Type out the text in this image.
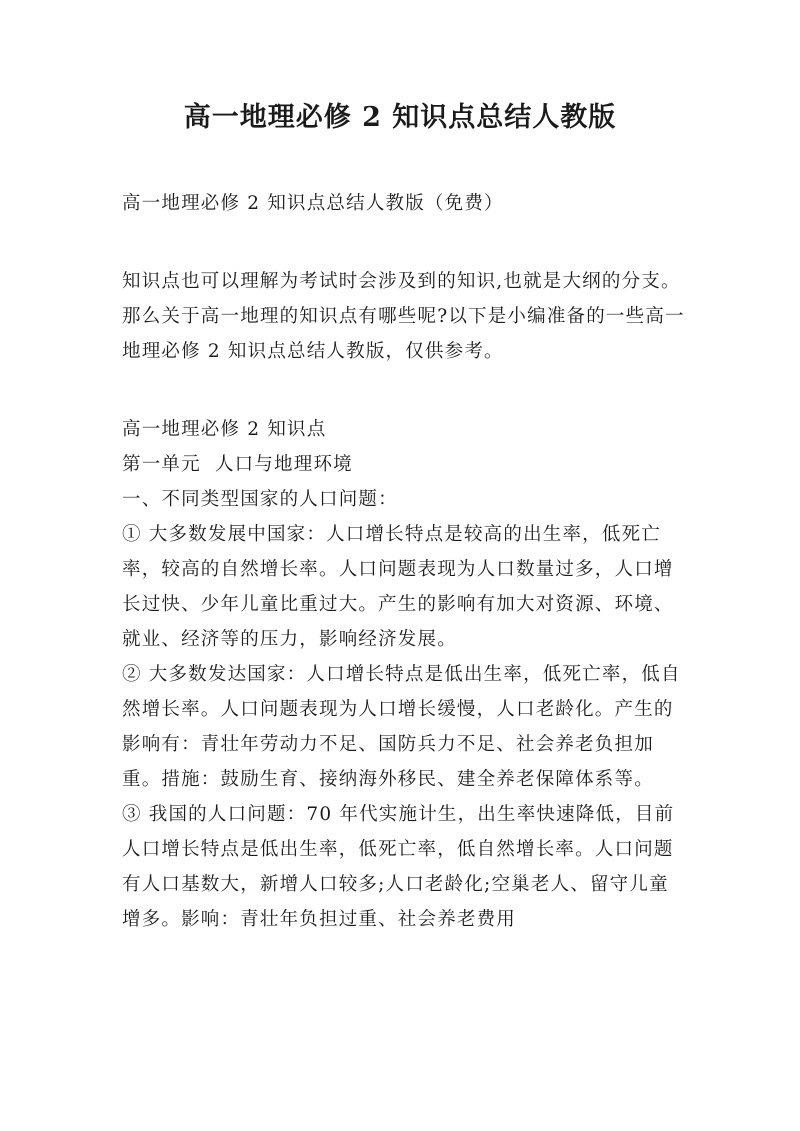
高一地理必修 2 知识点总结人教版

高一地理必修 2 知识点总结人教版（免费）

知识点也可以理解为考试时会涉及到的知识,也就是大纲的分支。那么关于高一地理的知识点有哪些呢?以下是小编准备的一些高一地理必修 2 知识点总结人教版，仅供参考。

高一地理必修 2 知识点

第一单元  人口与地理环境

一、不同类型国家的人口问题：

① 大多数发展中国家：人口增长特点是较高的出生率，低死亡率，较高的自然增长率。人口问题表现为人口数量过多，人口增长过快、少年儿童比重过大。产生的影响有加大对资源、环境、就业、经济等的压力，影响经济发展。

② 大多数发达国家：人口增长特点是低出生率，低死亡率，低自然增长率。人口问题表现为人口增长缓慢，人口老龄化。产生的影响有：青壮年劳动力不足、国防兵力不足、社会养老负担加重。措施：鼓励生育、接纳海外移民、建全养老保障体系等。

③ 我国的人口问题：70 年代实施计生，出生率快速降低，目前人口增长特点是低出生率，低死亡率，低自然增长率。人口问题有人口基数大，新增人口较多;人口老龄化;空巢老人、留守儿童增多。影响：青壮年负担过重、社会养老费用
